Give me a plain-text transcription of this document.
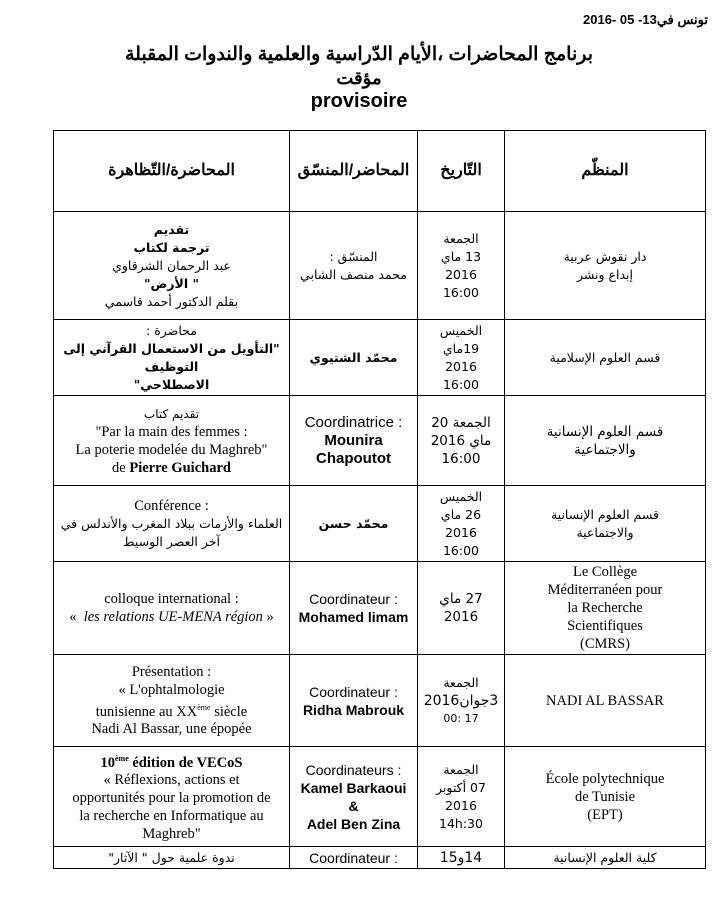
تونس في13- 05 -2016
برنامج المحاضرات ،الأيام الدّراسية والعلمية والندوات المقبلة
مؤقت
provisoire
المحاضرة/التّظاهرة	المحاضر/المنسّق	التّاريخ	المنظّم

تقديم
ترجمة لكتاب
عبد الرحمان الشرقاوي
" الأرض"
بقلم الدكتور أحمد قاسمي	المنسّق :
محمد منصف الشابي	الجمعة
13 ماي
2016
16:00	دار نقوش عربية
إبداع ونشر

محاضرة :
"التأويل من الاستعمال القرآني إلى التوظيف
الاصطلاحي"	محمّد الشتيوي	الخميس
19ماي
2016
16:00	قسم العلوم الإسلامية

تقديم كتاب
"Par la main des femmes :
La poterie modelée du Maghreb"
de Pierre Guichard	Coordinatrice :
Mounira
Chapoutot	الجمعة 20
ماي 2016
16:00	قسم العلوم الإنسانية
والاجتماعية

Conférence :
العلماء والأزمات ببلاد المغرب والأندلس في
آخر العصر الوسيط	محمّد حسن	الخميس
26 ماي
2016
16:00	قسم العلوم الإنسانية
والاجتماعية

colloque international :
«  les relations UE-MENA région »	Coordinateur :
Mohamed limam	27 ماي
2016	Le Collège
Méditerranéen pour
la Recherche
Scientifiques
(CMRS)

Présentation :
« L'ophtalmologie
tunisienne au XXème siècle
Nadi Al Bassar, une épopée	Coordinateur :
Ridha Mabrouk	الجمعة
3جوان2016
17 :00	NADI AL BASSAR

10ème édition de VECoS
« Réflexions, actions et
opportunités pour la promotion de
la recherche en Informatique au
Maghreb"	Coordinateurs :
Kamel Barkaoui
&
Adel Ben Zina	الجمعة
07 أكتوبر
2016
14h:30	École polytechnique
de Tunisie
(EPT)

ندوة علمية حول " الآثار"	Coordinateur :	14و15	كلية العلوم الإنسانية
